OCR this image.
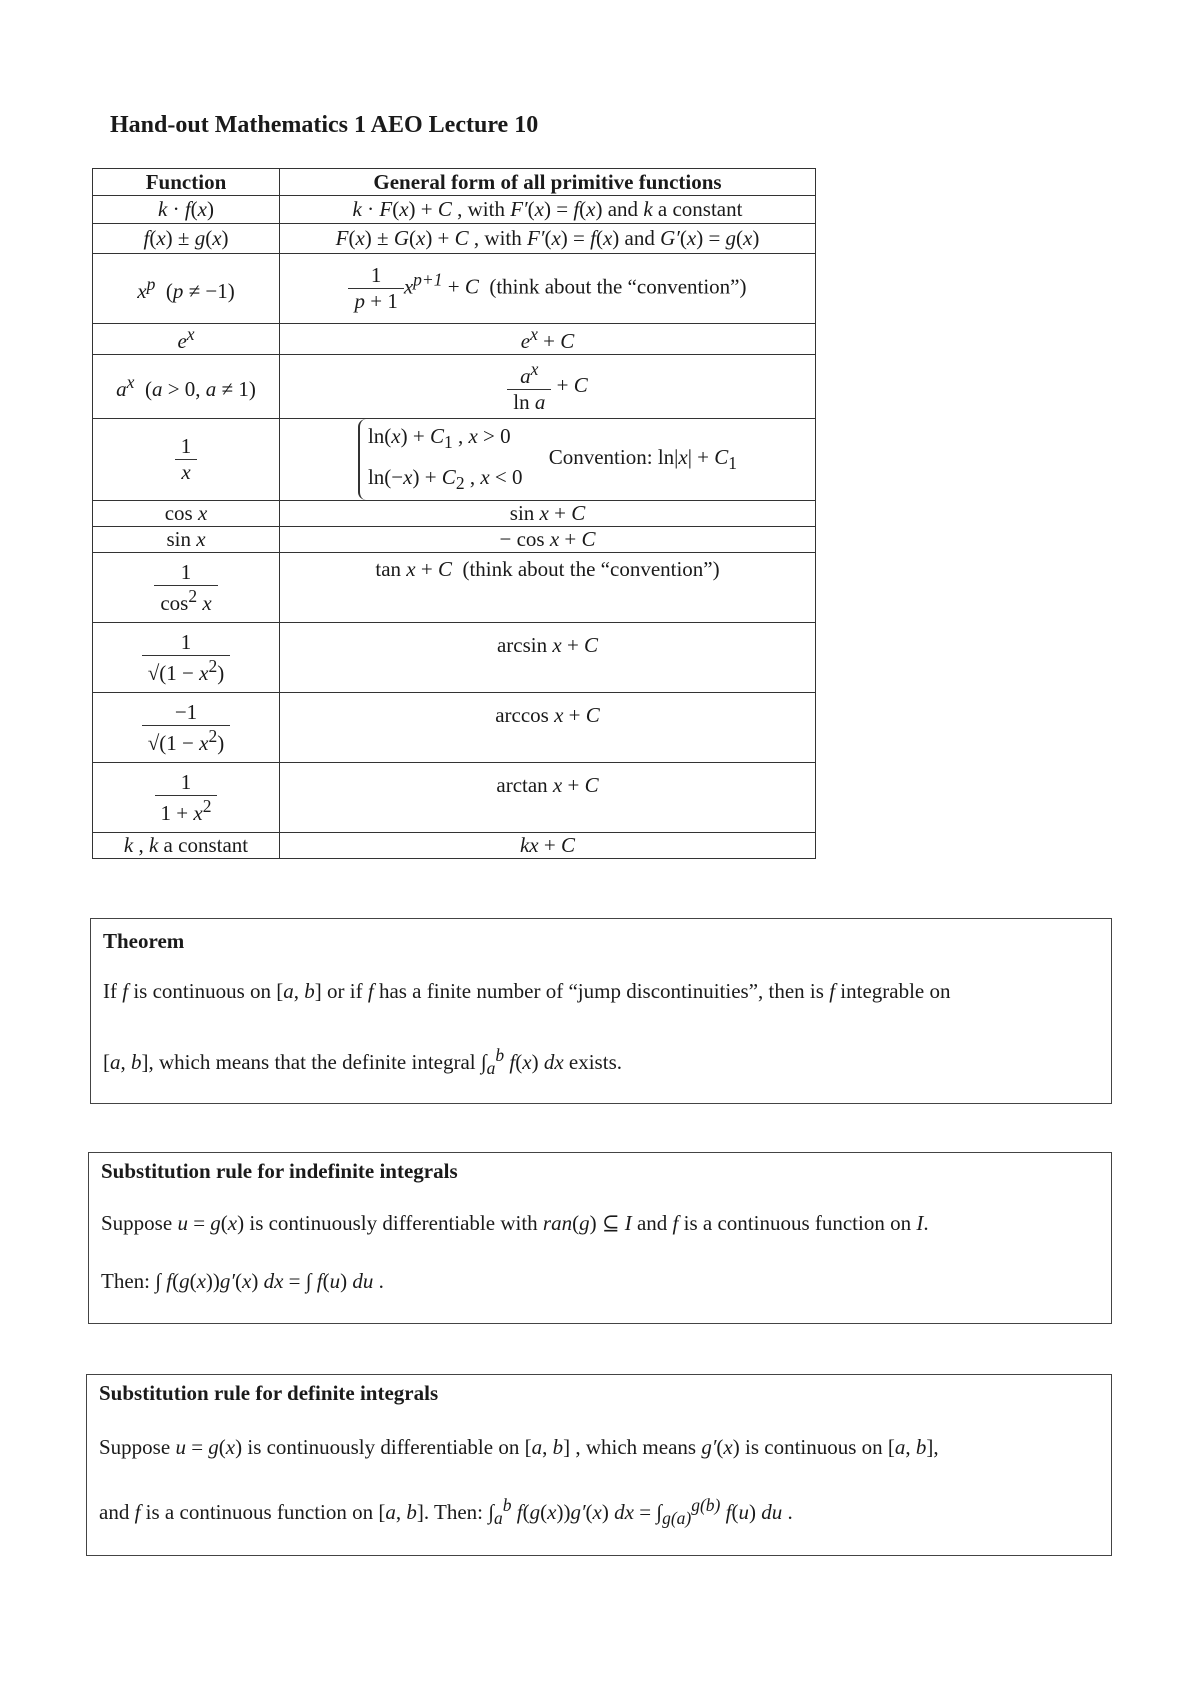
Hand-out Mathematics 1 AEO Lecture 10
Function	General form of all primitive functions
k · f(x)	k · F(x) + C , with F′(x) = f(x) and k a constant
f(x) ± g(x)	F(x) ± G(x) + C , with F′(x) = f(x) and G′(x) = g(x)
$x^p$  (p ≠ −1)	$\frac{1}{p + 1} x^{p+1} + C$ (think about the “convention”)
$e^x$	$e^x + C$
$a^x$  (a > 0, a ≠ 1)	$\frac{a^x}{\text{ln a}} + C$

$\frac{1}{x}$	$\ln(x) + C_1$ , x > 0
$\ln(-x) + C_2$ , x < 0     Convention: $\ln|x| + C_1$
cos x	sin x + C
sin x	− cos x + C

$\frac{1}{\cos^2 x}$	tan x + C (think about the “convention”)

$\frac{1}{√(1 - x^2)}$	arcsin x + C

$\frac{-1}{√(1 - x^2)}$	arccos x + C

$\frac{1}{1 + x^2}$	arctan x + C
k , k a constant	kx + C
Theorem
If f is continuous on [a, b] or if f has a finite number of “jump discontinuities”, then is f integrable on
[a, b], which means that the definite integral $\int_a^b$ f(x) dx exists.
Substitution rule for indefinite integrals
Suppose u = g(x) is continuously differentiable with ran(g) ⊆ I and f is a continuous function on I.
Then: ∫ f(g(x))g′(x) dx = ∫ f(u) du .
Substitution rule for definite integrals
Suppose u = g(x) is continuously differentiable on [a, b] , which means g′(x) is continuous on [a, b],
and f is a continuous function on [a, b]. Then: $\int_a^b$ f(g(x))g′(x) dx = $\int_{g(a)}^{g(b)}$ f(u) du .
